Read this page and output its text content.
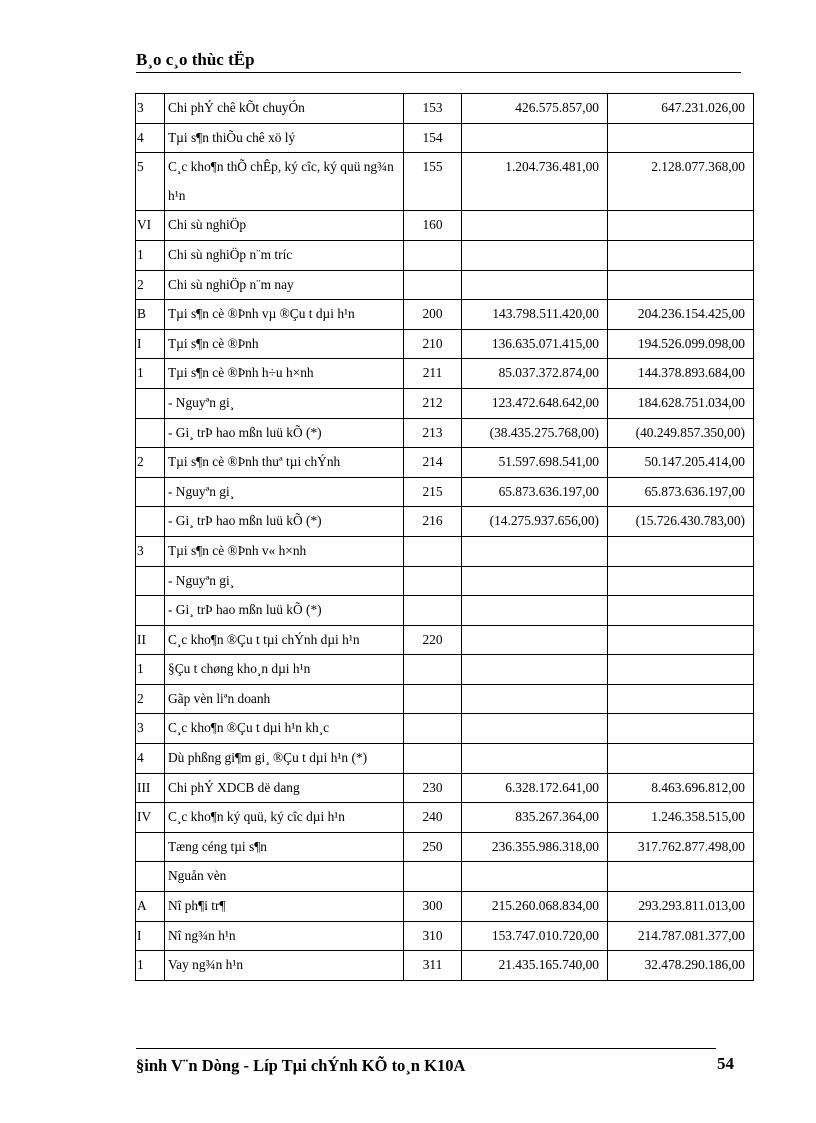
B¸o c¸o thùc tËp
3	Chi phÝ chê kÕt chuyÓn	153	426.575.857,00	647.231.026,00
4	Tµi s¶n thiÕu chê xö lý	154		
5	C¸c kho¶n thÕ chÊp, ký cîc, ký quü ng¾n h¹n	155	1.204.736.481,00	2.128.077.368,00
VI	Chi sù nghiÖp	160		
1	Chi sù nghiÖp n¨m tríc			
2	Chi sù nghiÖp n¨m nay			
B	Tµi s¶n cè ®Þnh vµ ®Çu t dµi h¹n	200	143.798.511.420,00	204.236.154.425,00
I	Tµi s¶n cè ®Þnh	210	136.635.071.415,00	194.526.099.098,00
1	Tµi s¶n cè ®Þnh h÷u h×nh	211	85.037.372.874,00	144.378.893.684,00
	- Nguyªn gi¸	212	123.472.648.642,00	184.628.751.034,00
	- Gi¸ trÞ hao mßn luü kÕ (*)	213	(38.435.275.768,00)	(40.249.857.350,00)
2	Tµi s¶n cè ®Þnh thuª tµi chÝnh	214	51.597.698.541,00	50.147.205.414,00
	- Nguyªn gi¸	215	65.873.636.197,00	65.873.636.197,00
	- Gi¸ trÞ hao mßn luü kÕ (*)	216	(14.275.937.656,00)	(15.726.430.783,00)
3	Tµi s¶n cè ®Þnh v« h×nh			
	- Nguyªn gi¸			
	- Gi¸ trÞ hao mßn luü kÕ (*)			
II	C¸c kho¶n ®Çu t tµi chÝnh dµi h¹n	220		
1	§Çu t chøng kho¸n dµi h¹n			
2	Gãp vèn liªn doanh			
3	C¸c kho¶n ®Çu t dµi h¹n kh¸c			
4	Dù phßng gi¶m gi¸ ®Çu t dµi h¹n (*)			
III	Chi phÝ XDCB dë dang	230	6.328.172.641,00	8.463.696.812,00
IV	C¸c kho¶n ký quü, ký cîc dµi h¹n	240	835.267.364,00	1.246.358.515,00
	Tæng céng tµi s¶n	250	236.355.986.318,00	317.762.877.498,00
	Nguån vèn			
A	Nî ph¶i tr¶	300	215.260.068.834,00	293.293.811.013,00
I	Nî ng¾n h¹n	310	153.747.010.720,00	214.787.081.377,00
1	Vay ng¾n h¹n	311	21.435.165.740,00	32.478.290.186,00
§inh V¨n Dòng - Líp Tµi chÝnh KÕ to¸n K10A	54
